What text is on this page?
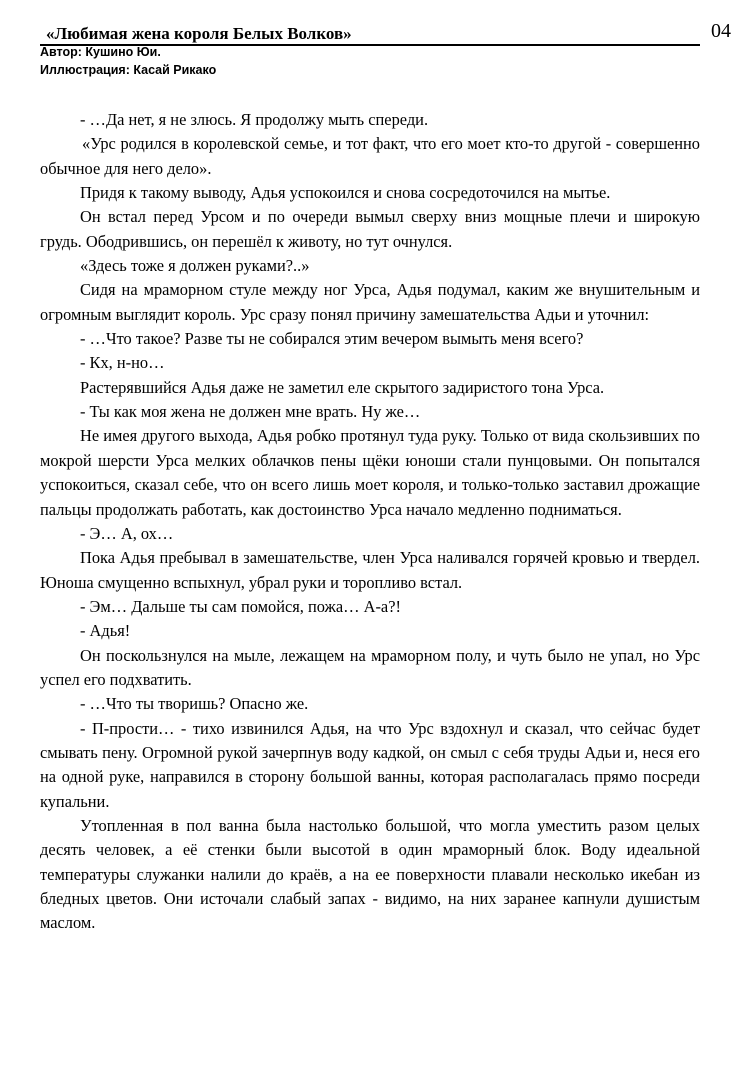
«Любимая жена короля Белых Волков»	04
Автор: Кушино Юи.
Иллюстрация: Касай Рикако

- …Да нет, я не злюсь. Я продолжу мыть спереди.

«Урс родился в королевской семье, и тот факт, что его моет кто-то другой - совершенно обычное для него дело».

Придя к такому выводу, Адья успокоился и снова сосредоточился на мытье.

Он встал перед Урсом и по очереди вымыл сверху вниз мощные плечи и широкую грудь. Ободрившись, он перешёл к животу, но тут очнулся.

«Здесь тоже я должен руками?..»

Сидя на мраморном стуле между ног Урса, Адья подумал, каким же внушительным и огромным выглядит король. Урс сразу понял причину замешательства Адьи и уточнил:

- …Что такое? Разве ты не собирался этим вечером вымыть меня всего?

- Кх, н-но…

Растерявшийся Адья даже не заметил еле скрытого задиристого тона Урса.

- Ты как моя жена не должен мне врать. Ну же…

Не имея другого выхода, Адья робко протянул туда руку. Только от вида скользивших по мокрой шерсти Урса мелких облачков пены щёки юноши стали пунцовыми. Он попытался успокоиться, сказал себе, что он всего лишь моет короля, и только-только заставил дрожащие пальцы продолжать работать, как достоинство Урса начало медленно подниматься.

- Э… А, ох…

Пока Адья пребывал в замешательстве, член Урса наливался горячей кровью и твердел. Юноша смущенно вспыхнул, убрал руки и торопливо встал.

- Эм… Дальше ты сам помойся, пожа… А-а?!

- Адья!

Он поскользнулся на мыле, лежащем на мраморном полу, и чуть было не упал, но Урс успел его подхватить.

- …Что ты творишь? Опасно же.

- П-прости… - тихо извинился Адья, на что Урс вздохнул и сказал, что сейчас будет смывать пену. Огромной рукой зачерпнув воду кадкой, он смыл с себя труды Адьи и, неся его на одной руке, направился в сторону большой ванны, которая располагалась прямо посреди купальни.

Утопленная в пол ванна была настолько большой, что могла уместить разом целых десять человек, а её стенки были высотой в один мраморный блок. Воду идеальной температуры служанки налили до краёв, а на ее поверхности плавали несколько икебан из бледных цветов. Они источали слабый запах - видимо, на них заранее капнули душистым маслом.
